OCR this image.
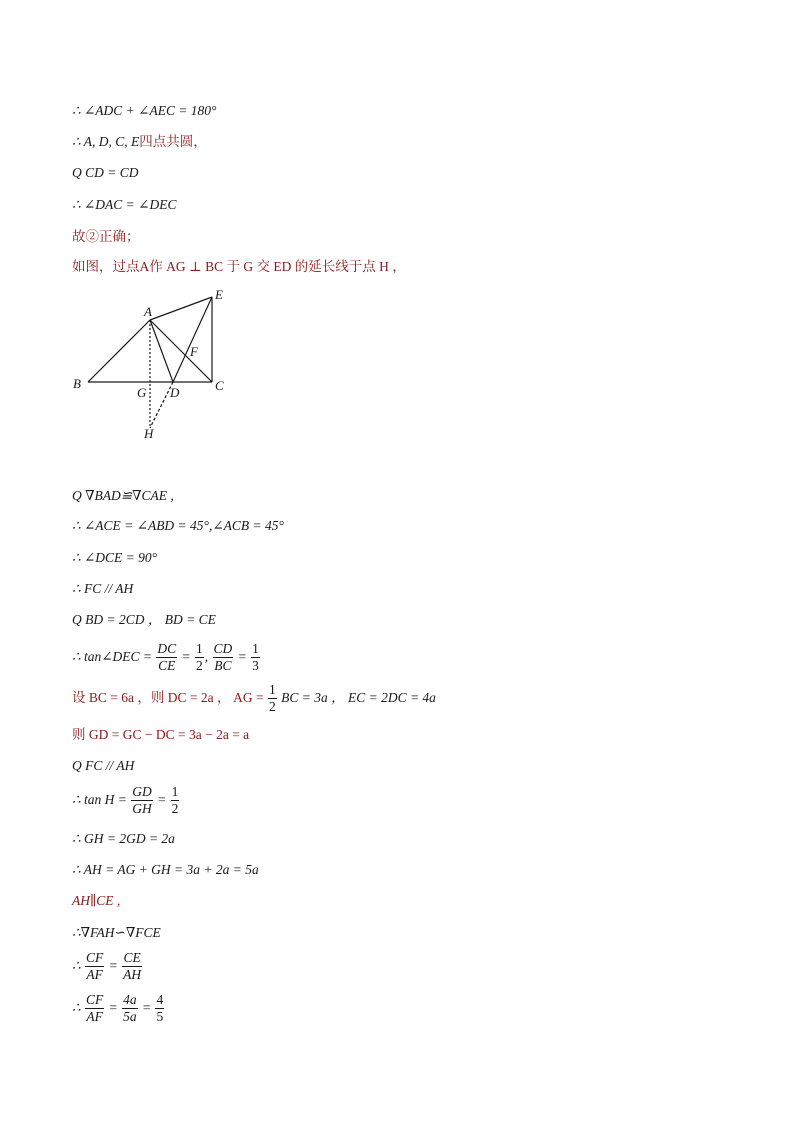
∴ ∠ADC + ∠AEC = 180°
∴ A, D, C, E四点共圆，
Q CD = CD
∴ ∠DAC = ∠DEC
故②正确；
如图，过点A作 AG ⊥ BC 于 G 交 ED 的延长线于点 H ，
A
E
F
B	C
G D
H
Q ∇BAD≌∇CAE ,
∴ ∠ACE = ∠ABD = 45°,∠ACB = 45°
∴ ∠DCE = 90°
∴ FC // AH
Q BD = 2CD ， BD = CE
∴ tan∠DEC = $\frac{DC}{CE} = \frac{1}{2}$ , $\frac{CD}{BC} = \frac{1}{3}$
设 BC = 6a ，则 DC = 2a ， AG = $\frac{1}{2}$ BC = 3a ， EC = 2DC = 4a
则 GD = GC − DC = 3a − 2a = a
Q FC // AH
∴ $\tan H = \frac{GD}{GH} = \frac{1}{2}$
∴ GH = 2GD = 2a
∴ AH = AG + GH = 3a + 2a = 5a
AH∥CE ,
∴∇FAH∽∇FCE
∴ $\frac{CF}{AF} = \frac{CE}{AH}$
∴ $\frac{CF}{AF} = \frac{4a}{5a} = \frac{4}{5}$
